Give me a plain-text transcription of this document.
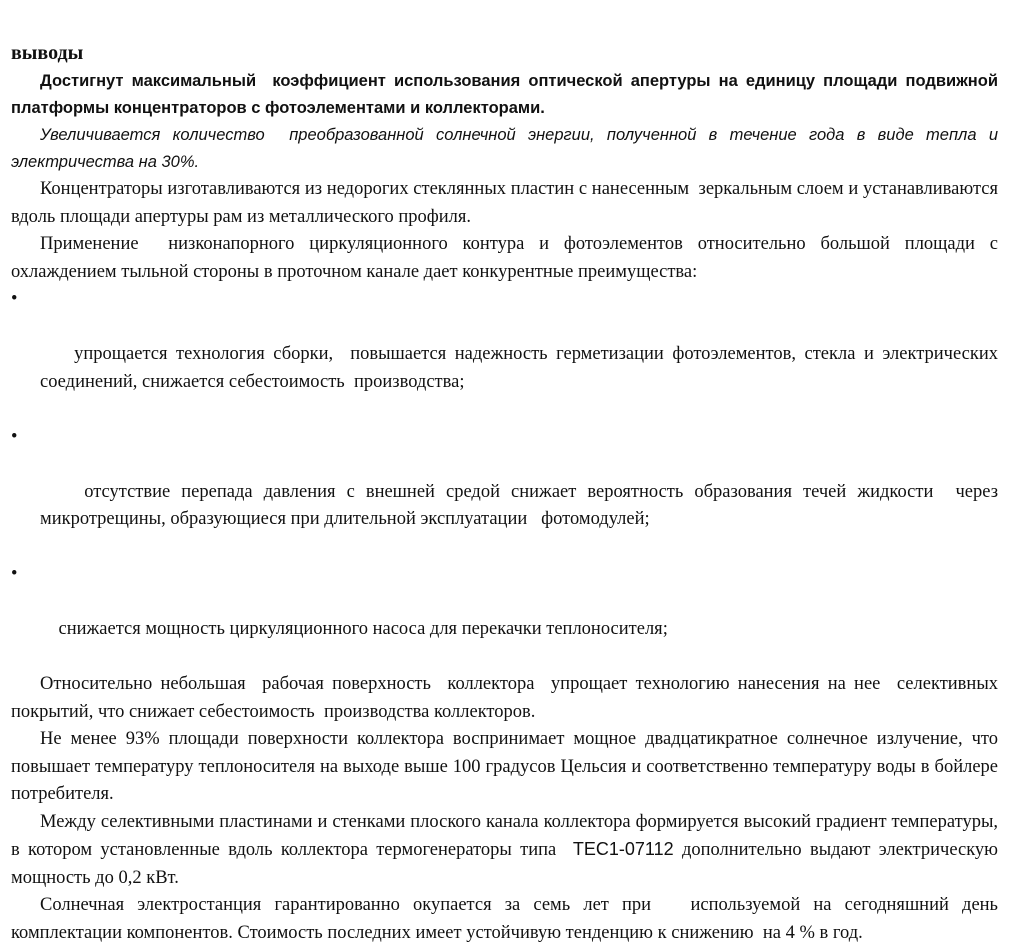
выводы

Достигнут максимальный  коэффициент использования оптической апертуры на единицу площади подвижной платформы концентраторов с фотоэлементами и коллекторами.

Увеличивается количество  преобразованной солнечной энергии, полученной в течение года в виде тепла и электричества на 30%.

Концентраторы изготавливаются из недорогих стеклянных пластин с нанесенным  зеркальным слоем и устанавливаются  вдоль площади апертуры рам из металлического профиля.

Применение  низконапорного циркуляционного контура и фотоэлементов относительно большой площади с охлаждением тыльной стороны в проточном канале дает конкурентные преимущества:

•

упрощается технология сборки,  повышается надежность герметизации фотоэлементов, стекла и электрических соединений, снижается себестоимость  производства;

•

отсутствие перепада давления с внешней средой снижает вероятность образования течей жидкости  через микротрещины, образующиеся при длительной эксплуатации   фотомодулей;

•

снижается мощность циркуляционного насоса для перекачки теплоносителя;

Относительно небольшая  рабочая поверхность  коллектора  упрощает технологию нанесения на нее  селективных покрытий, что снижает себестоимость  производства коллекторов.

Не менее 93% площади поверхности коллектора воспринимает мощное двадцатикратное солнечное излучение, что повышает температуру теплоносителя на выходе выше 100 градусов Цельсия и соответственно температуру воды в бойлере потребителя.

Между селективными пластинами и стенками плоского канала коллектора формируется высокий градиент температуры, в котором установленные вдоль коллектора термогенераторы типа  TEC1-07112 дополнительно выдают электрическую мощность до 0,2 кВт.

Солнечная электростанция гарантированно окупается за семь лет при   используемой на сегодняшний день комплектации компонентов. Стоимость последних имеет устойчивую тенденцию к снижению  на 4 % в год.
